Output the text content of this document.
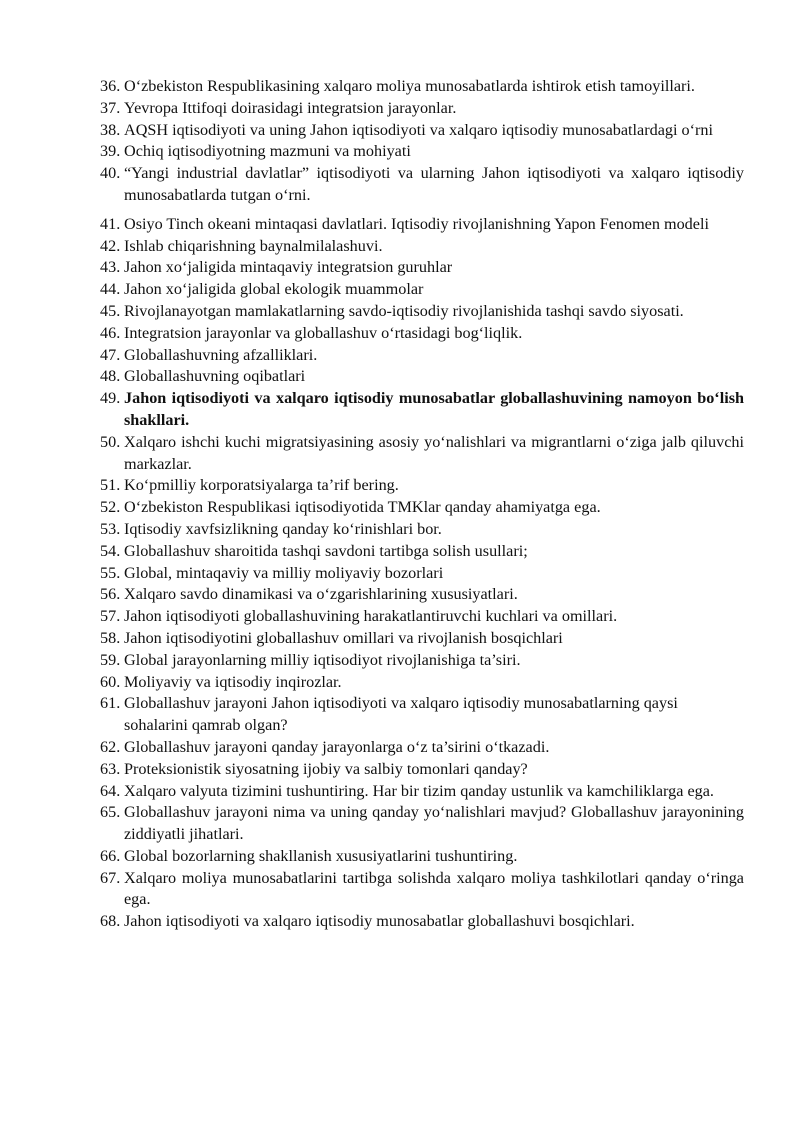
36. O‘zbekiston Respublikasining xalqaro moliya munosabatlarda ishtirok etish tamoyillari.
37. Yevropa Ittifoqi doirasidagi integratsion jarayonlar.
38. AQSH iqtisodiyoti va uning Jahon iqtisodiyoti va xalqaro iqtisodiy munosabatlardagi o‘rni
39. Ochiq iqtisodiyotning mazmuni va mohiyati
40. “Yangi industrial davlatlar” iqtisodiyoti va ularning Jahon iqtisodiyoti va xalqaro iqtisodiy munosabatlarda tutgan o‘rni.
41. Osiyo Tinch okeani mintaqasi davlatlari. Iqtisodiy rivojlanishning Yapon Fenomen modeli
42. Ishlab chiqarishning baynalmilalashuvi.
43. Jahon xo‘jaligida mintaqaviy integratsion guruhlar
44. Jahon xo‘jaligida global ekologik muammolar
45. Rivojlanayotgan mamlakatlarning savdo-iqtisodiy rivojlanishida tashqi savdo siyosati.
46. Integratsion jarayonlar va globallashuv o‘rtasidagi bog‘liqlik.
47. Globallashuvning afzalliklari.
48. Globallashuvning oqibatlari
49. Jahon iqtisodiyoti va xalqaro iqtisodiy munosabatlar globallashuvining namoyon bo‘lish shakllari.
50. Xalqaro ishchi kuchi migratsiyasining asosiy yo‘nalishlari va migrantlarni o‘ziga jalb qiluvchi markazlar.
51. Ko‘pmilliy korporatsiyalarga ta’rif bering.
52. O‘zbekiston Respublikasi iqtisodiyotida TMKlar qanday ahamiyatga ega.
53. Iqtisodiy xavfsizlikning qanday ko‘rinishlari bor.
54. Globallashuv sharoitida tashqi savdoni tartibga solish usullari;
55. Global, mintaqaviy va milliy moliyaviy bozorlari
56. Xalqaro savdo dinamikasi va o‘zgarishlarining xususiyatlari.
57. Jahon iqtisodiyoti globallashuvining harakatlantiruvchi kuchlari va omillari.
58. Jahon iqtisodiyotini globallashuv omillari va rivojlanish bosqichlari
59. Global jarayonlarning milliy iqtisodiyot rivojlanishiga ta’siri.
60. Moliyaviy va iqtisodiy inqirozlar.
61. Globallashuv jarayoni Jahon iqtisodiyoti va xalqaro iqtisodiy munosabatlarning qaysi sohalarini qamrab olgan?
62. Globallashuv jarayoni qanday jarayonlarga o‘z ta’sirini o‘tkazadi.
63. Proteksionistik siyosatning ijobiy va salbiy tomonlari qanday?
64. Xalqaro valyuta tizimini tushuntiring. Har bir tizim qanday ustunlik va kamchiliklarga ega.
65. Globallashuv jarayoni nima va uning qanday yo‘nalishlari mavjud? Globallashuv jarayonining ziddiyatli jihatlari.
66. Global bozorlarning shakllanish xususiyatlarini tushuntiring.
67. Xalqaro moliya munosabatlarini tartibga solishda xalqaro moliya tashkilotlari qanday o‘ringa ega.
68. Jahon iqtisodiyoti va xalqaro iqtisodiy munosabatlar globallashuvi bosqichlari.
